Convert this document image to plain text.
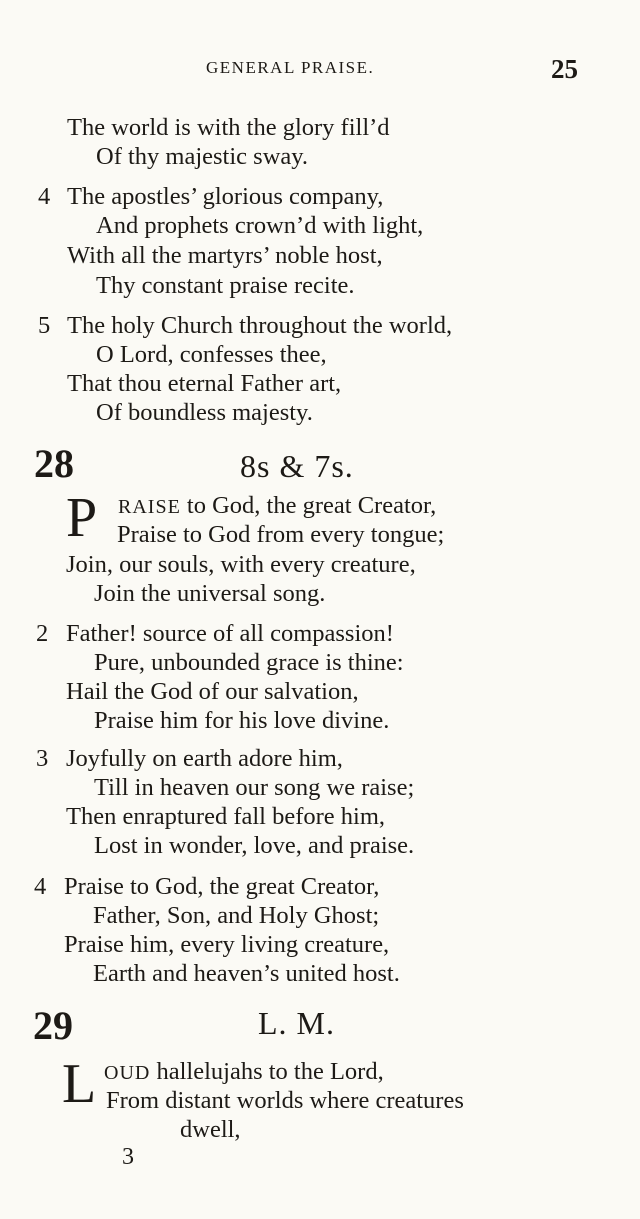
GENERAL PRAISE.	25
The world is with the glory fill’d
Of thy majestic sway.
4 The apostles’ glorious company,
And prophets crown’d with light,
With all the martyrs’ noble host,
Thy constant praise recite.
5 The holy Church throughout the world,
O Lord, confesses thee,
That thou eternal Father art,
Of boundless majesty.
28	8s & 7s.
P RAISE to God, the great Creator,
Praise to God from every tongue;
Join, our souls, with every creature,
Join the universal song.
2 Father! source of all compassion!
Pure, unbounded grace is thine:
Hail the God of our salvation,
Praise him for his love divine.
3 Joyfully on earth adore him,
Till in heaven our song we raise;
Then enraptured fall before him,
Lost in wonder, love, and praise.
4 Praise to God, the great Creator,
Father, Son, and Holy Ghost;
Praise him, every living creature,
Earth and heaven’s united host.
29	L. M.
L OUD hallelujahs to the Lord,
From distant worlds where creatures
dwell,
3
